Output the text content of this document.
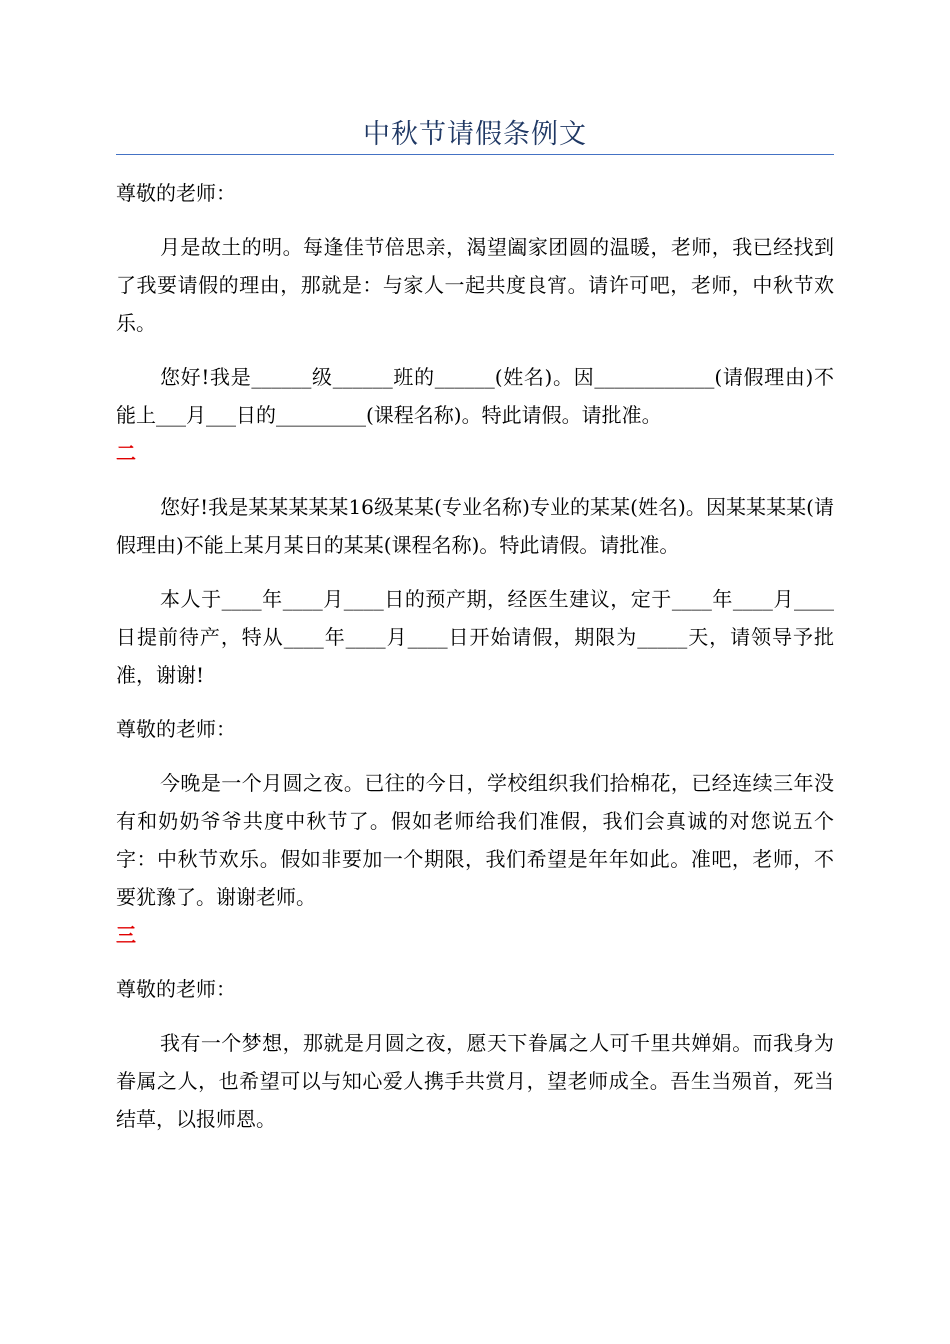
中秋节请假条例文

尊敬的老师：

月是故土的明。每逢佳节倍思亲，渴望阖家团圆的温暖，老师，我已经找到了我要请假的理由，那就是：与家人一起共度良宵。请许可吧，老师，中秋节欢乐。

您好!我是______级______班的______(姓名)。因____________(请假理由)不能上___月___日的_________(课程名称)。特此请假。请批准。

二

您好!我是某某某某某16级某某(专业名称)专业的某某(姓名)。因某某某某(请假理由)不能上某月某日的某某(课程名称)。特此请假。请批准。

本人于____年____月____日的预产期，经医生建议，定于____年____月____日提前待产，特从____年____月____日开始请假，期限为_____天，请领导予批准，谢谢!

尊敬的老师：

今晚是一个月圆之夜。已往的今日，学校组织我们拾棉花，已经连续三年没有和奶奶爷爷共度中秋节了。假如老师给我们准假，我们会真诚的对您说五个字：中秋节欢乐。假如非要加一个期限，我们希望是年年如此。准吧，老师，不要犹豫了。谢谢老师。

三

尊敬的老师：

我有一个梦想，那就是月圆之夜，愿天下眷属之人可千里共婵娟。而我身为眷属之人，也希望可以与知心爱人携手共赏月，望老师成全。吾生当殒首，死当结草，以报师恩。
